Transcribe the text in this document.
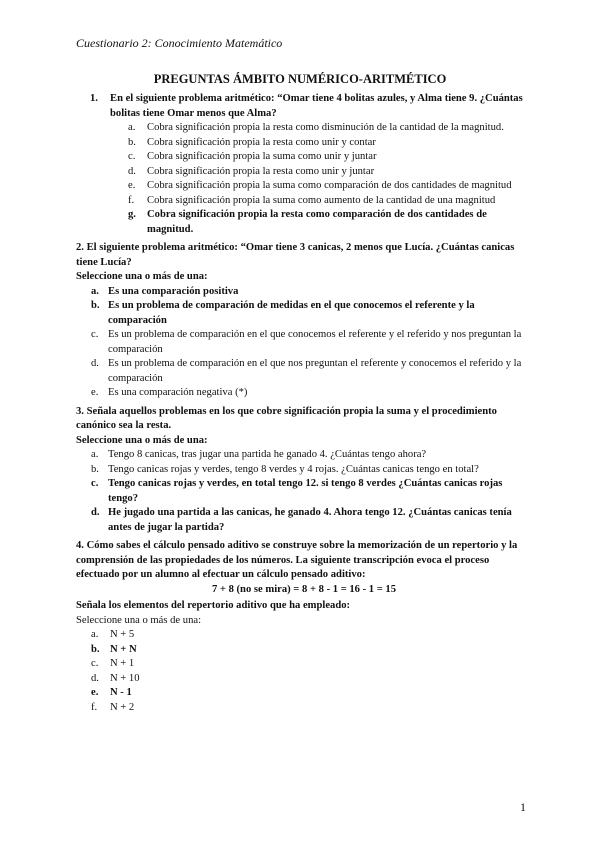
Cuestionario 2: Conocimiento Matemático
PREGUNTAS ÁMBITO NUMÉRICO-ARITMÉTICO
1.	En el siguiente problema aritmético: “Omar tiene 4 bolitas azules, y Alma tiene 9. ¿Cuántas bolitas tiene Omar menos que Alma?
a.	Cobra significación propia la resta como disminución de la cantidad de la magnitud.
b.	Cobra significación propia la resta como unir y contar
c.	Cobra significación propia la suma como unir y juntar
d.	Cobra significación propia la resta como unir y juntar
e.	Cobra significación propia la suma como comparación de dos cantidades de magnitud
f.	Cobra significación propia la suma como aumento de la cantidad de una magnitud
g.	Cobra significación propia la resta como comparación de dos cantidades de magnitud.
2. El siguiente problema aritmético: “Omar tiene 3 canicas, 2 menos que Lucía. ¿Cuántas canicas tiene Lucía?
Seleccione una o más de una:
a. Es una comparación positiva
b. Es un problema de comparación de medidas en el que conocemos el referente y la comparación
c. Es un problema de comparación en el que conocemos el referente y el referido y nos preguntan la comparación
d. Es un problema de comparación en el que nos preguntan el referente y conocemos el referido y la comparación
e. Es una comparación negativa (*)
3. Señala aquellos problemas en los que cobre significación propia la suma y el procedimiento canónico sea la resta.
Seleccione una o más de una:
a. Tengo 8 canicas, tras jugar una partida he ganado 4. ¿Cuántas tengo ahora?
b. Tengo canicas rojas y verdes, tengo 8 verdes y 4 rojas. ¿Cuántas canicas tengo en total?
c. Tengo canicas rojas y verdes, en total tengo 12. si tengo 8 verdes ¿Cuántas canicas rojas tengo?
d. He jugado una partida a las canicas, he ganado 4. Ahora tengo 12. ¿Cuántas canicas tenía antes de jugar la partida?
4. Cómo sabes el cálculo pensado aditivo se construye sobre la memorización de un repertorio y la comprensión de las propiedades de los números. La siguiente transcripción evoca el proceso efectuado por un alumno al efectuar un cálculo pensado aditivo:
7 + 8 (no se mira) = 8 + 8 - 1 = 16 - 1 = 15
Señala los elementos del repertorio aditivo que ha empleado:
Seleccione una o más de una:
a.	N + 5
b. N + N
c.	N + 1
d.	N + 10
e.	N - 1
f.	N + 2
1
